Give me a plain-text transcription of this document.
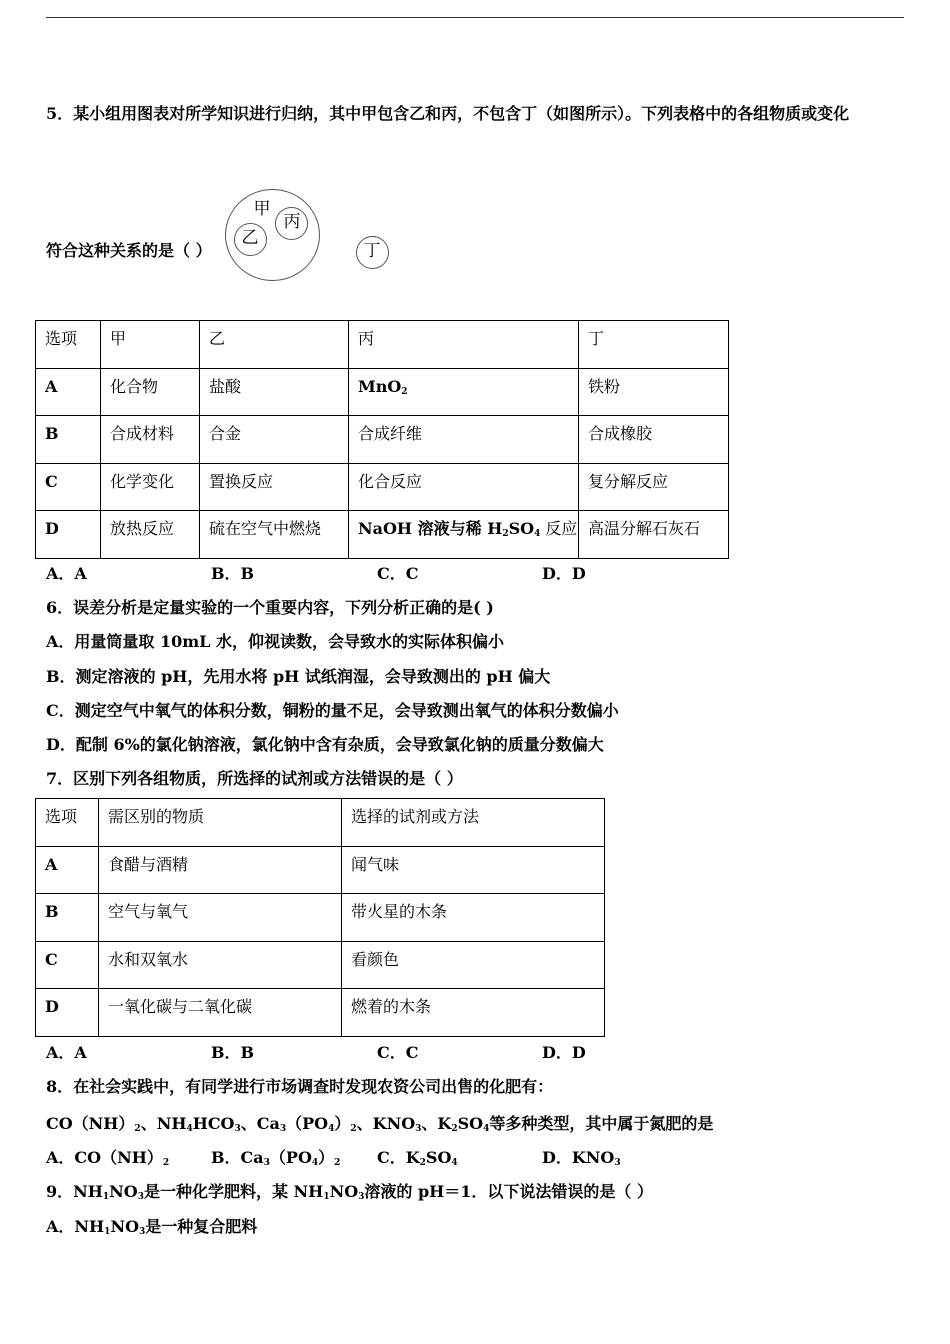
5．某小组用图表对所学知识进行归纳，其中甲包含乙和丙，不包含丁（如图所示）。下列表格中的各组物质或变化
符合这种关系的是（ ）
甲
乙
丙
丁
选项	甲	乙	丙	丁
A	化合物	盐酸	MnO$_2$	铁粉
B	合成材料	合金	合成纤维	合成橡胶
C	化学变化	置换反应	化合反应	复分解反应
D	放热反应	硫在空气中燃烧	NaOH 溶液与稀 $H_2SO_4$ 反应	高温分解石灰石
A．A	B．B	C．C	D．D
6．误差分析是定量实验的一个重要内容，下列分析正确的是( )
A．用量筒量取 10mL 水，仰视读数，会导致水的实际体积偏小
B．测定溶液的 pH，先用水将 pH 试纸润湿，会导致测出的 pH 偏大
C．测定空气中氧气的体积分数，铜粉的量不足，会导致测出氧气的体积分数偏小
D．配制 6%的氯化钠溶液，氯化钠中含有杂质，会导致氯化钠的质量分数偏大
7．区别下列各组物质，所选择的试剂或方法错误的是（ ）
选项	需区别的物质	选择的试剂或方法
A	食醋与酒精	闻气味
B	空气与氧气	带火星的木条
C	水和双氧水	看颜色
D	一氧化碳与二氧化碳	燃着的木条
A．A	B．B	C．C	D．D
8．在社会实践中，有同学进行市场调查时发现农资公司出售的化肥有：
$CO(NH)_2$、$NH_4HCO_3$、$Ca_3(PO_4)_2$、$KNO_3$、$K_2SO_4$等多种类型，其中属于氮肥的是
A．$CO(NH)_2$	B．$Ca_3(PO_4)_2$ C．$K_2SO_4$	D．$KNO_3$
9．$NH_1NO_3$是一种化学肥料，某 $NH_1NO_3$溶液的 pH＝1．以下说法错误的是（ ）
A．$NH_1NO_3$是一种复合肥料
